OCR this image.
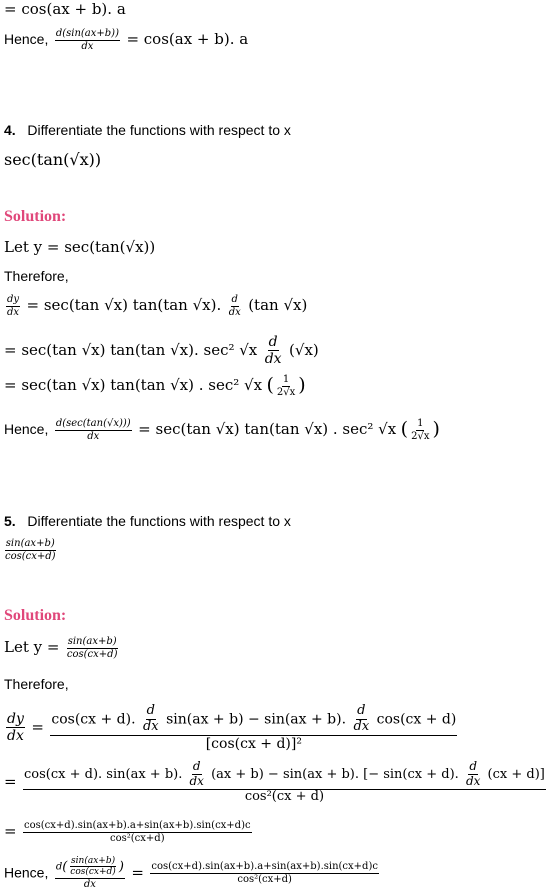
= cos(ax + b). a
Hence, $\frac{d(\sin(ax+b))}{dx} = \cos(ax + b)$. a
4. Differentiate the functions with respect to x
sec(tan(√x))
Solution:
Let y = sec(tan(√x))
Therefore,
$\frac{dy}{dx} = \sec(\tan$ √x) tan(tan √x). $\frac{d}{dx} (\tan$ √x)
= sec(tan √x) tan(tan √x). sec² $√x \frac{d}{dx} (√x)$
= sec(tan √x) tan(tan √x) . sec² √x ( $\frac{1}{2√x}$ )
Hence, $\frac{d(\sec(\tan(√x)))}{dx} = \sec(\tan$ √x) tan(tan √x) . sec² √x ( $\frac{1}{2√x}$ )
5. Differentiate the functions with respect to x
$\frac{\sin(ax+b)}{\cos(cx+d)}$
Solution:
Let $y = \frac{\sin(ax+b)}{\cos(cx+d)}$
Therefore,
$\frac{dy}{dx} = \cos(cx + d)$. $\frac{d}{dx} \sin(ax + b) - \sin(ax + b)$. $\frac{d}{dx} \cos(cx + d)$
[cos(cx + d)]²
= cos(cx + d). sin(ax + b). $\frac{d}{dx} (ax + b) - \sin(ax + b)$. [− sin(cx + d). $\frac{d}{dx} (cx + d)$]
cos²(cx + d)
= $\frac{\cos(cx+d).\sin(ax+b).a+\sin(ax+b).\sin(cx+d)c}{\text{cos²(cx+d)}}$
Hence, $\frac{d( \frac{\sin(ax+b)}{\cos(cx+d)} )}{dx} = \frac{\cos(cx+d).\sin(ax+b).a+\sin(ax+b).\sin(cx+d)c}{\text{cos²(cx+d)}}$
